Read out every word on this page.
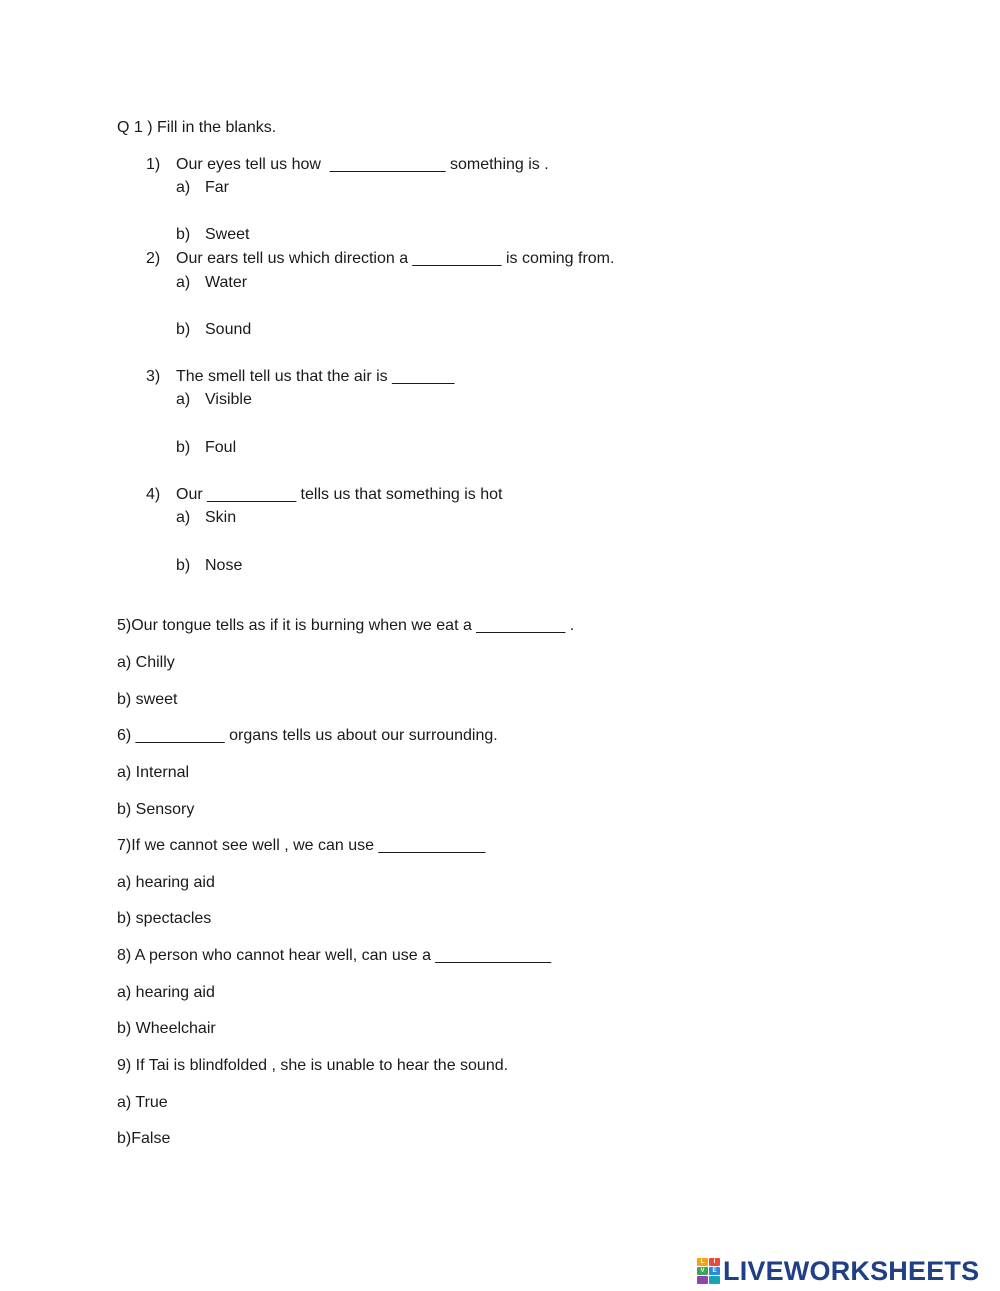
Q 1 ) Fill in the blanks.
1) Our eyes tell us how  _____________ something is .
a) Far
b) Sweet
2) Our ears tell us which direction a __________ is coming from.
a) Water
b) Sound
3) The smell tell us that the air is _______
a) Visible
b) Foul
4) Our __________ tells us that something is hot
a) Skin
b) Nose
5)Our tongue tells as if it is burning when we eat a __________ .
a) Chilly
b) sweet
6) __________ organs tells us about our surrounding.
a) Internal
b) Sensory
7)If we cannot see well , we can use ____________
a) hearing aid
b) spectacles
8) A person who cannot hear well, can use a _____________
a) hearing aid
b) Wheelchair
9) If Tai is blindfolded , she is unable to hear the sound.
a) True
b)False
L	I
V	E LIVEWORKSHEETS
